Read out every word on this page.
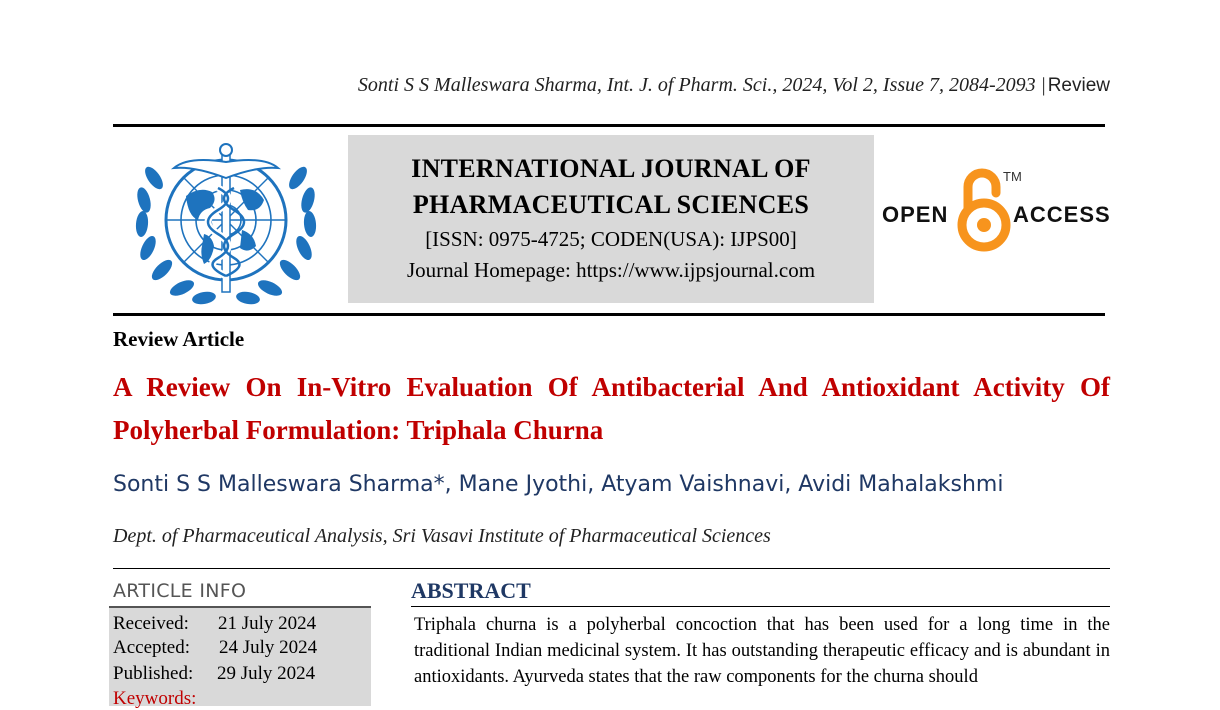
Sonti S S Malleswara Sharma, Int. J. of Pharm. Sci., 2024, Vol 2, Issue 7, 2084-2093 | Review
INTERNATIONAL JOURNAL OF
PHARMACEUTICAL SCIENCES
[ISSN: 0975-4725; CODEN(USA): IJPS00]
Journal Homepage: https://www.ijpsjournal.com
OPEN
TM
ACCESS
Review Article
A Review On In-Vitro Evaluation Of Antibacterial And Antioxidant Activity Of Polyherbal Formulation: Triphala Churna
Sonti S S Malleswara Sharma*, Mane Jyothi, Atyam Vaishnavi, Avidi Mahalakshmi
Dept. of Pharmaceutical Analysis, Sri Vasavi Institute of Pharmaceutical Sciences
ARTICLE INFO
Received: 21 July 2024
Accepted: 24 July 2024
Published: 29 July 2024
Keywords:
ABSTRACT
Triphala churna is a polyherbal concoction that has been used for a long time in the traditional Indian medicinal system. It has outstanding therapeutic efficacy and is abundant in antioxidants. Ayurveda states that the raw components for the churna should
